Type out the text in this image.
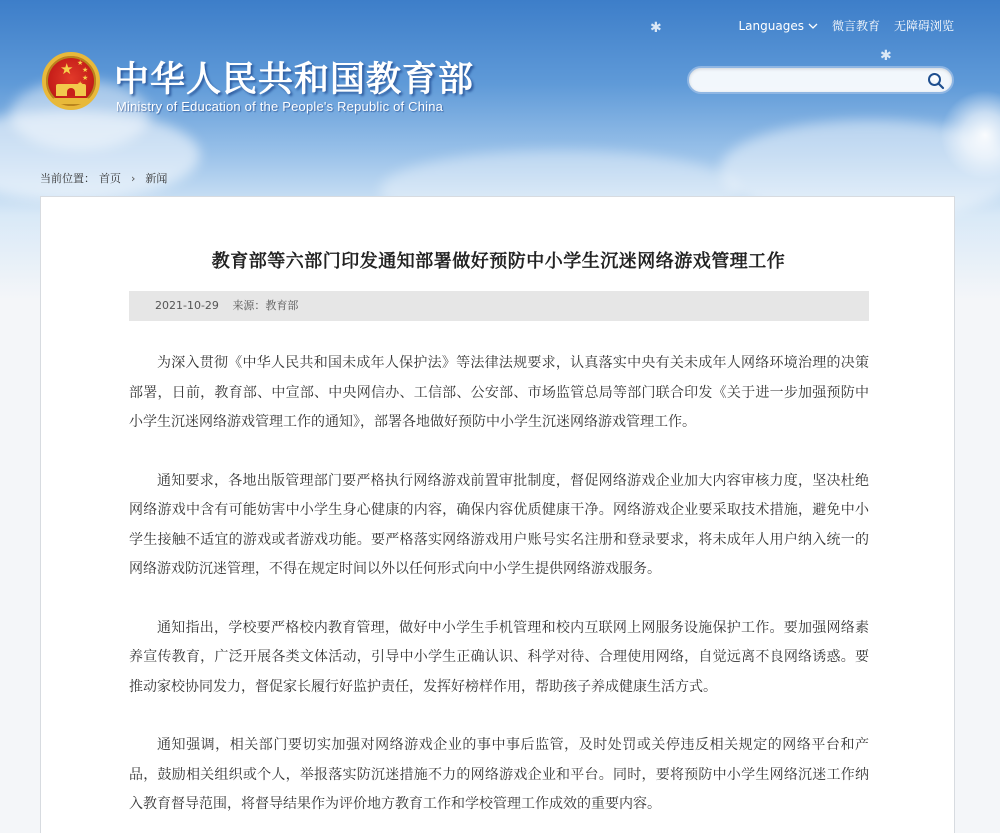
✱
✱
Languages 微言教育 无障碍浏览
★ ★
★
★ 中华人民共和国教育部
Ministry of Education of the People's Republic of China
当前位置： 首页 › 新闻
教育部等六部门印发通知部署做好预防中小学生沉迷网络游戏管理工作
2021-10-29 来源：教育部

为深入贯彻《中华人民共和国未成年人保护法》等法律法规要求，认真落实中央有关未成年人网络环境治理的决策部署，日前，教育部、中宣部、中央网信办、工信部、公安部、市场监管总局等部门联合印发《关于进一步加强预防中小学生沉迷网络游戏管理工作的通知》，部署各地做好预防中小学生沉迷网络游戏管理工作。

通知要求，各地出版管理部门要严格执行网络游戏前置审批制度，督促网络游戏企业加大内容审核力度，坚决杜绝网络游戏中含有可能妨害中小学生身心健康的内容，确保内容优质健康干净。网络游戏企业要采取技术措施，避免中小学生接触不适宜的游戏或者游戏功能。要严格落实网络游戏用户账号实名注册和登录要求，将未成年人用户纳入统一的网络游戏防沉迷管理，不得在规定时间以外以任何形式向中小学生提供网络游戏服务。

通知指出，学校要严格校内教育管理，做好中小学生手机管理和校内互联网上网服务设施保护工作。要加强网络素养宣传教育，广泛开展各类文体活动，引导中小学生正确认识、科学对待、合理使用网络，自觉远离不良网络诱惑。要推动家校协同发力，督促家长履行好监护责任，发挥好榜样作用，帮助孩子养成健康生活方式。

通知强调，相关部门要切实加强对网络游戏企业的事中事后监管，及时处罚或关停违反相关规定的网络平台和产品，鼓励相关组织或个人，举报落实防沉迷措施不力的网络游戏企业和平台。同时，要将预防中小学生网络沉迷工作纳入教育督导范围，将督导结果作为评价地方教育工作和学校管理工作成效的重要内容。
